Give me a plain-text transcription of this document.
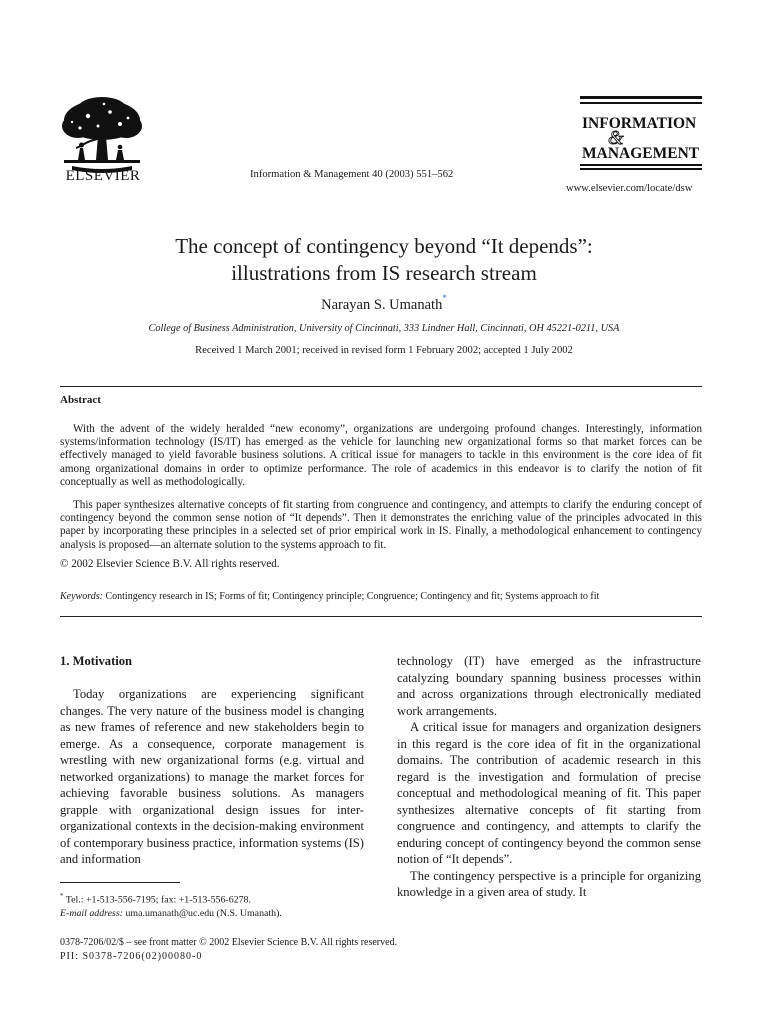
ELSEVIER	Information & Management 40 (2003) 551–562
INFORMATION
&
MANAGEMENT
www.elsevier.com/locate/dsw
The concept of contingency beyond “It depends”:
illustrations from IS research stream
Narayan S. Umanath*
College of Business Administration, University of Cincinnati, 333 Lindner Hall, Cincinnati, OH 45221-0211, USA
Received 1 March 2001; received in revised form 1 February 2002; accepted 1 July 2002
Abstract
With the advent of the widely heralded “new economy”, organizations are undergoing profound changes. Interestingly, information systems/information technology (IS/IT) has emerged as the vehicle for launching new organizational forms so that market forces can be effectively managed to yield favorable business solutions. A critical issue for managers to tackle in this environment is the core idea of fit among organizational domains in order to optimize performance. The role of academics in this endeavor is to clarify the notion of fit conceptually as well as methodologically.
This paper synthesizes alternative concepts of fit starting from congruence and contingency, and attempts to clarify the enduring concept of contingency beyond the common sense notion of “It depends”. Then it demonstrates the enriching value of the principles advocated in this paper by incorporating these principles in a selected set of prior empirical work in IS. Finally, a methodological enhancement to contingency analysis is proposed—an alternate solution to the systems approach to fit.
© 2002 Elsevier Science B.V. All rights reserved.
Keywords: Contingency research in IS; Forms of fit; Contingency principle; Congruence; Contingency and fit; Systems approach to fit
1. Motivation

Today organizations are experiencing significant changes. The very nature of the business model is changing as new frames of reference and new stakeholders begin to emerge. As a consequence, corporate management is wrestling with new organizational forms (e.g. virtual and networked organizations) to manage the market forces for achieving favorable business solutions. As managers grapple with organizational design issues for inter-organizational contexts in the decision-making environment of contemporary business practice, information systems (IS) and information

technology (IT) have emerged as the infrastructure catalyzing boundary spanning business processes within and across organizations through electronically mediated work arrangements.

A critical issue for managers and organization designers in this regard is the core idea of fit in the organizational domains. The contribution of academic research in this regard is the investigation and formulation of precise conceptual and methodological meaning of fit. This paper synthesizes alternative concepts of fit starting from congruence and contingency, and attempts to clarify the enduring concept of contingency beyond the common sense notion of “It depends”.

The contingency perspective is a principle for organizing knowledge in a given area of study. It

* Tel.: +1-513-556-7195; fax: +1-513-556-6278.
E-mail address: uma.umanath@uc.edu (N.S. Umanath).
0378-7206/02/$ – see front matter © 2002 Elsevier Science B.V. All rights reserved.
PII: S0378-7206(02)00080-0
